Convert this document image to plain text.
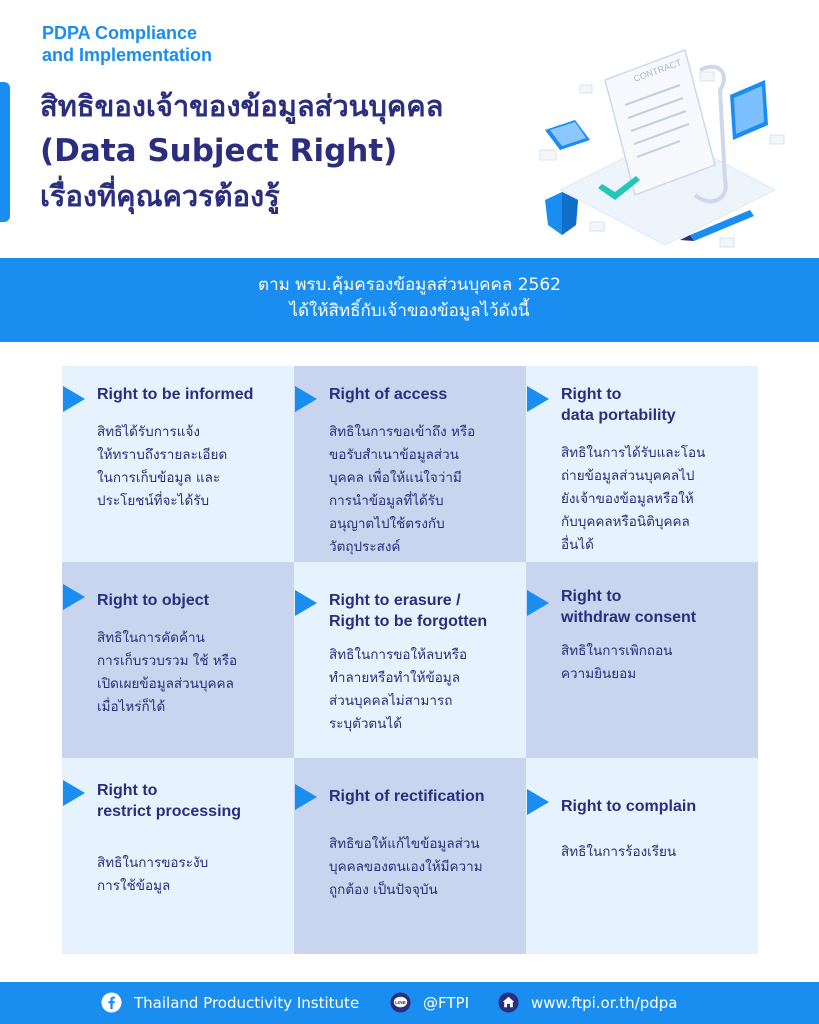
PDPA Compliance
and Implementation
สิทธิของเจ้าของข้อมูลส่วนบุคคล
(Data Subject Right)
เรื่องที่คุณควรต้องรู้
CONTRACT
ตาม พรบ.คุ้มครองข้อมูลส่วนบุคคล 2562
ได้ให้สิทธิ์กับเจ้าของข้อมูลไว้ดังนี้
Right to be informed
สิทธิได้รับการแจ้ง
ให้ทราบถึงรายละเอียด
ในการเก็บข้อมูล และ
ประโยชน์ที่จะได้รับ
Right of access
สิทธิในการขอเข้าถึง หรือ
ขอรับสำเนาข้อมูลส่วน
บุคคล เพื่อให้แน่ใจว่ามี
การนำข้อมูลที่ได้รับ
อนุญาตไปใช้ตรงกับ
วัตถุประสงค์
Right to
data portability
สิทธิในการได้รับและโอน
ถ่ายข้อมูลส่วนบุคคลไป
ยังเจ้าของข้อมูลหรือให้
กับบุคคลหรือนิติบุคคล
อื่นได้
Right to object
สิทธิในการคัดค้าน
การเก็บรวบรวม ใช้ หรือ
เปิดเผยข้อมูลส่วนบุคคล
เมื่อไหร่ก็ได้
Right to erasure /
Right to be forgotten
สิทธิในการขอให้ลบหรือ
ทำลายหรือทำให้ข้อมูล
ส่วนบุคคลไม่สามารถ
ระบุตัวตนได้
Right to
withdraw consent
สิทธิในการเพิกถอน
ความยินยอม
Right to
restrict processing
สิทธิในการขอระงับ
การใช้ข้อมูล
Right of rectification
สิทธิขอให้แก้ไขข้อมูลส่วน
บุคคลของตนเองให้มีความ
ถูกต้อง เป็นปัจจุบัน
Right to complain
สิทธิในการร้องเรียน
Thailand Productivity Institute	LINE @FTPI	www.ftpi.or.th/pdpa
